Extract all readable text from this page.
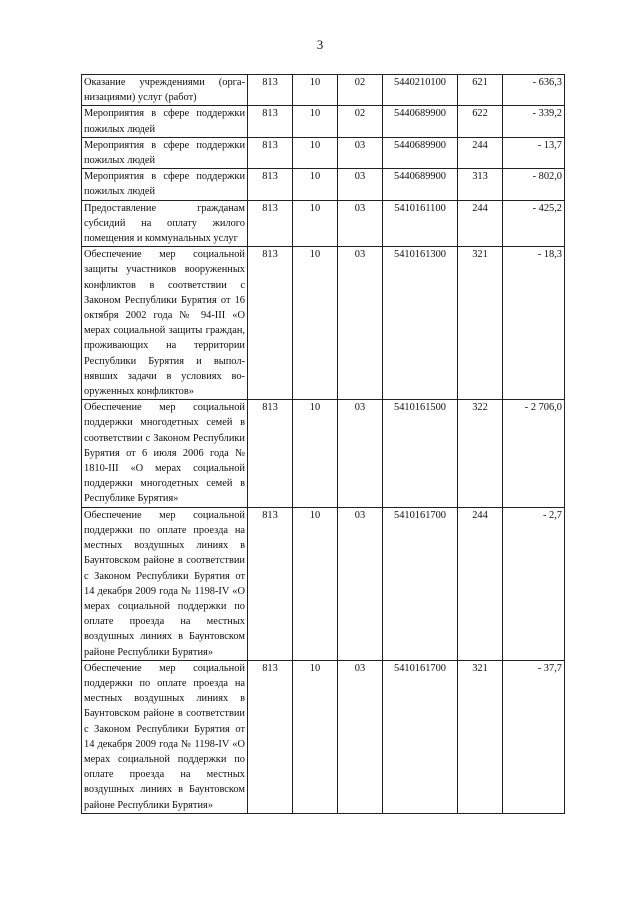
3
Оказание учреждениями (организациями) услуг (работ)	813	10	02	5440210100	621	- 636,3
Мероприятия в сфере поддержки пожилых людей	813	10	02	5440689900	622	- 339,2
Мероприятия в сфере поддержки пожилых людей	813	10	03	5440689900	244	- 13,7
Мероприятия в сфере поддержки пожилых людей	813	10	03	5440689900	313	- 802,0
Предоставление гражданам субсидий на оплату жилого помещения и коммунальных услуг	813	10	03	5410161100	244	- 425,2
Обеспечение мер социальной защиты участников вооруженных конфликтов в соответствии с Законом Республики Бурятия от 16 октября 2002 года № 94-III «О мерах социальной защиты граждан, проживающих на территории Республики Бурятия и выполнявших задачи в условиях вооруженных конфликтов»	813	10	03	5410161300	321	- 18,3
Обеспечение мер социальной поддержки многодетных семей в соответствии с Законом Республики Бурятия от 6 июля 2006 года № 1810-III «О мерах социальной поддержки многодетных семей в Республике Бурятия»	813	10	03	5410161500	322	- 2 706,0
Обеспечение мер социальной поддержки по оплате проезда на местных воздушных линиях в Баунтовском районе в соответствии с Законом Республики Бурятия от 14 декабря 2009 года № 1198-IV «О мерах социальной поддержки по оплате проезда на местных воздушных линиях в Баунтовском районе Республики Бурятия»	813	10	03	5410161700	244	- 2,7
Обеспечение мер социальной поддержки по оплате проезда на местных воздушных линиях в Баунтовском районе в соответствии с Законом Республики Бурятия от 14 декабря 2009 года № 1198-IV «О мерах социальной поддержки по оплате проезда на местных воздушных линиях в Баунтовском районе Республики Бурятия»	813	10	03	5410161700	321	- 37,7
